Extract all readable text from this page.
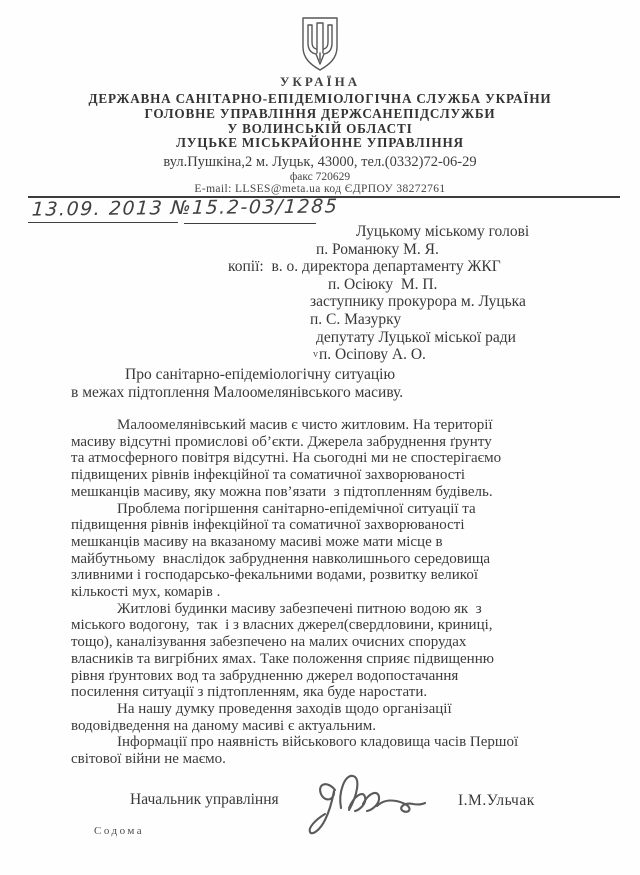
УКРАЇНА
ДЕРЖАВНА САНІТАРНО-ЕПІДЕМІОЛОГІЧНА СЛУЖБА УКРАЇНИ
ГОЛОВНЕ УПРАВЛІННЯ ДЕРЖСАНЕПІДСЛУЖБИ
У ВОЛИНСЬКІЙ ОБЛАСТІ
ЛУЦЬКЕ МІСЬКРАЙОННЕ УПРАВЛІННЯ
вул.Пушкіна,2 м. Луцьк, 43000, тел.(0332)72-06-29
факс 720629
E-mail: LLSES@meta.ua код ЄДРПОУ 38272761
13.09. 2013 №15.2-03/1285
Луцькому міському голові
п. Романюку М. Я.
копії:  в. о. директора департаменту ЖКГ
п. Осіюку  М. П.
заступнику прокурора м. Луцька
п. С. Мазурку
депутату Луцької міської ради
vп. Осіпову А. О.
Про санітарно-епідеміологічну ситуацію
в межах підтоплення Малоомелянівського масиву.
Малоомелянівський масив є чисто житловим. На території
масиву відсутні промислові об’єкти. Джерела забруднення ґрунту
та атмосферного повітря відсутні. На сьогодні ми не спостерігаємо
підвищених рівнів інфекційної та соматичної захворюваності
мешканців масиву, яку можна пов’язати  з підтопленням будівель.
Проблема погіршення санітарно-епідемічної ситуації та
підвищення рівнів інфекційної та соматичної захворюваності
мешканців масиву на вказаному масиві може мати місце в
майбутньому  внаслідок забруднення навколишнього середовища
зливними і господарсько-фекальними водами, розвитку великої
кількості мух, комарів .
Житлові будинки масиву забезпечені питною водою як  з
міського водогону,  так  і з власних джерел(свердловини, криниці,
тощо), каналізування забезпечено на малих очисних спорудах
власників та вигрібних ямах. Таке положення сприяє підвищенню
рівня ґрунтових вод та забрудненню джерел водопостачання
посилення ситуації з підтопленням, яка буде наростати.
На нашу думку проведення заходів щодо організації
водовідведення на даному масиві є актуальним.
Інформації про наявність військового кладовища часів Першої
світової війни не маємо.
Начальник управління	І.М.Ульчак
Содома
